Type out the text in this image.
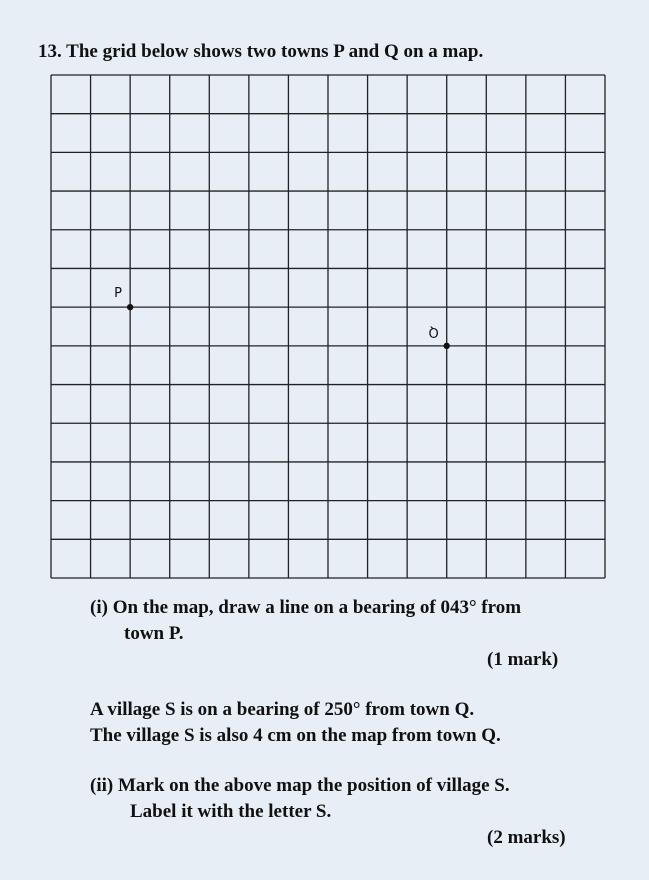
13. The grid below shows two towns P and Q on a map.
P
Q
(i) On the map, draw a line on a bearing of 043° from
town P.
(1 mark)
A village S is on a bearing of 250° from town Q.
The village S is also 4 cm on the map from town Q.
(ii) Mark on the above map the position of village S.
Label it with the letter S.
(2 marks)
